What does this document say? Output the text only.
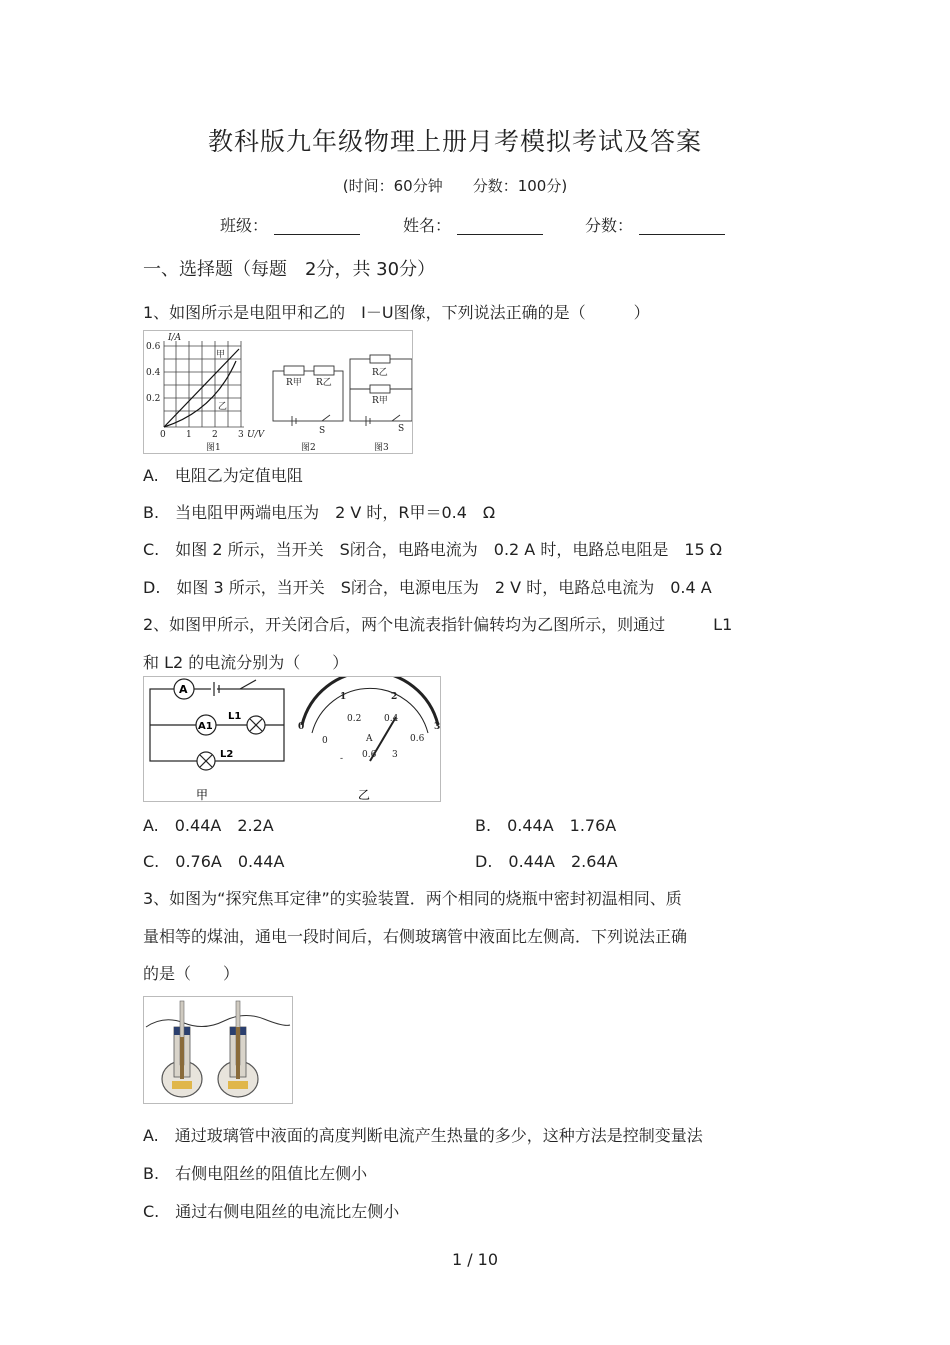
教科版九年级物理上册月考模拟考试及答案
(时间：60分钟　　分数：100分)
班级：	姓名：	分数：
一、选择题（每题　2分，共 30分）
1、如图所示是电阻甲和乙的　I－U图像，下列说法正确的是（　　　）
0.6
0.4
0.2
0 1 2 3
I/A
U/V
甲
乙
图1
R甲 R乙
S
图2
R乙
R甲
S
图3
A.　电阻乙为定值电阻
B.　当电阻甲两端电压为　2 V 时，R甲＝0.4　Ω
C.　如图 2 所示，当开关　S闭合，电路电流为　0.2 A 时，电路总电阻是　15 Ω
D.　如图 3 所示，当开关　S闭合，电源电压为　2 V 时，电路总电流为　0.4 A
2、如图甲所示，开关闭合后，两个电流表指针偏转均为乙图所示，则通过　　　L1
和 L2 的电流分别为（　　）
A
A1
L1
L2
甲
0
1	2
3
0
0.2	0.4
0.6
- 0.6 3
A
乙
A.　0.44A　2.2A	B.　0.44A　1.76A
C.　0.76A　0.44A	D.　0.44A　2.64A
3、如图为“探究焦耳定律”的实验装置．两个相同的烧瓶中密封初温相同、质
量相等的煤油，通电一段时间后，右侧玻璃管中液面比左侧高．下列说法正确
的是（　　）
A.　通过玻璃管中液面的高度判断电流产生热量的多少，这种方法是控制变量法
B.　右侧电阻丝的阻值比左侧小
C.　通过右侧电阻丝的电流比左侧小
1 / 10
